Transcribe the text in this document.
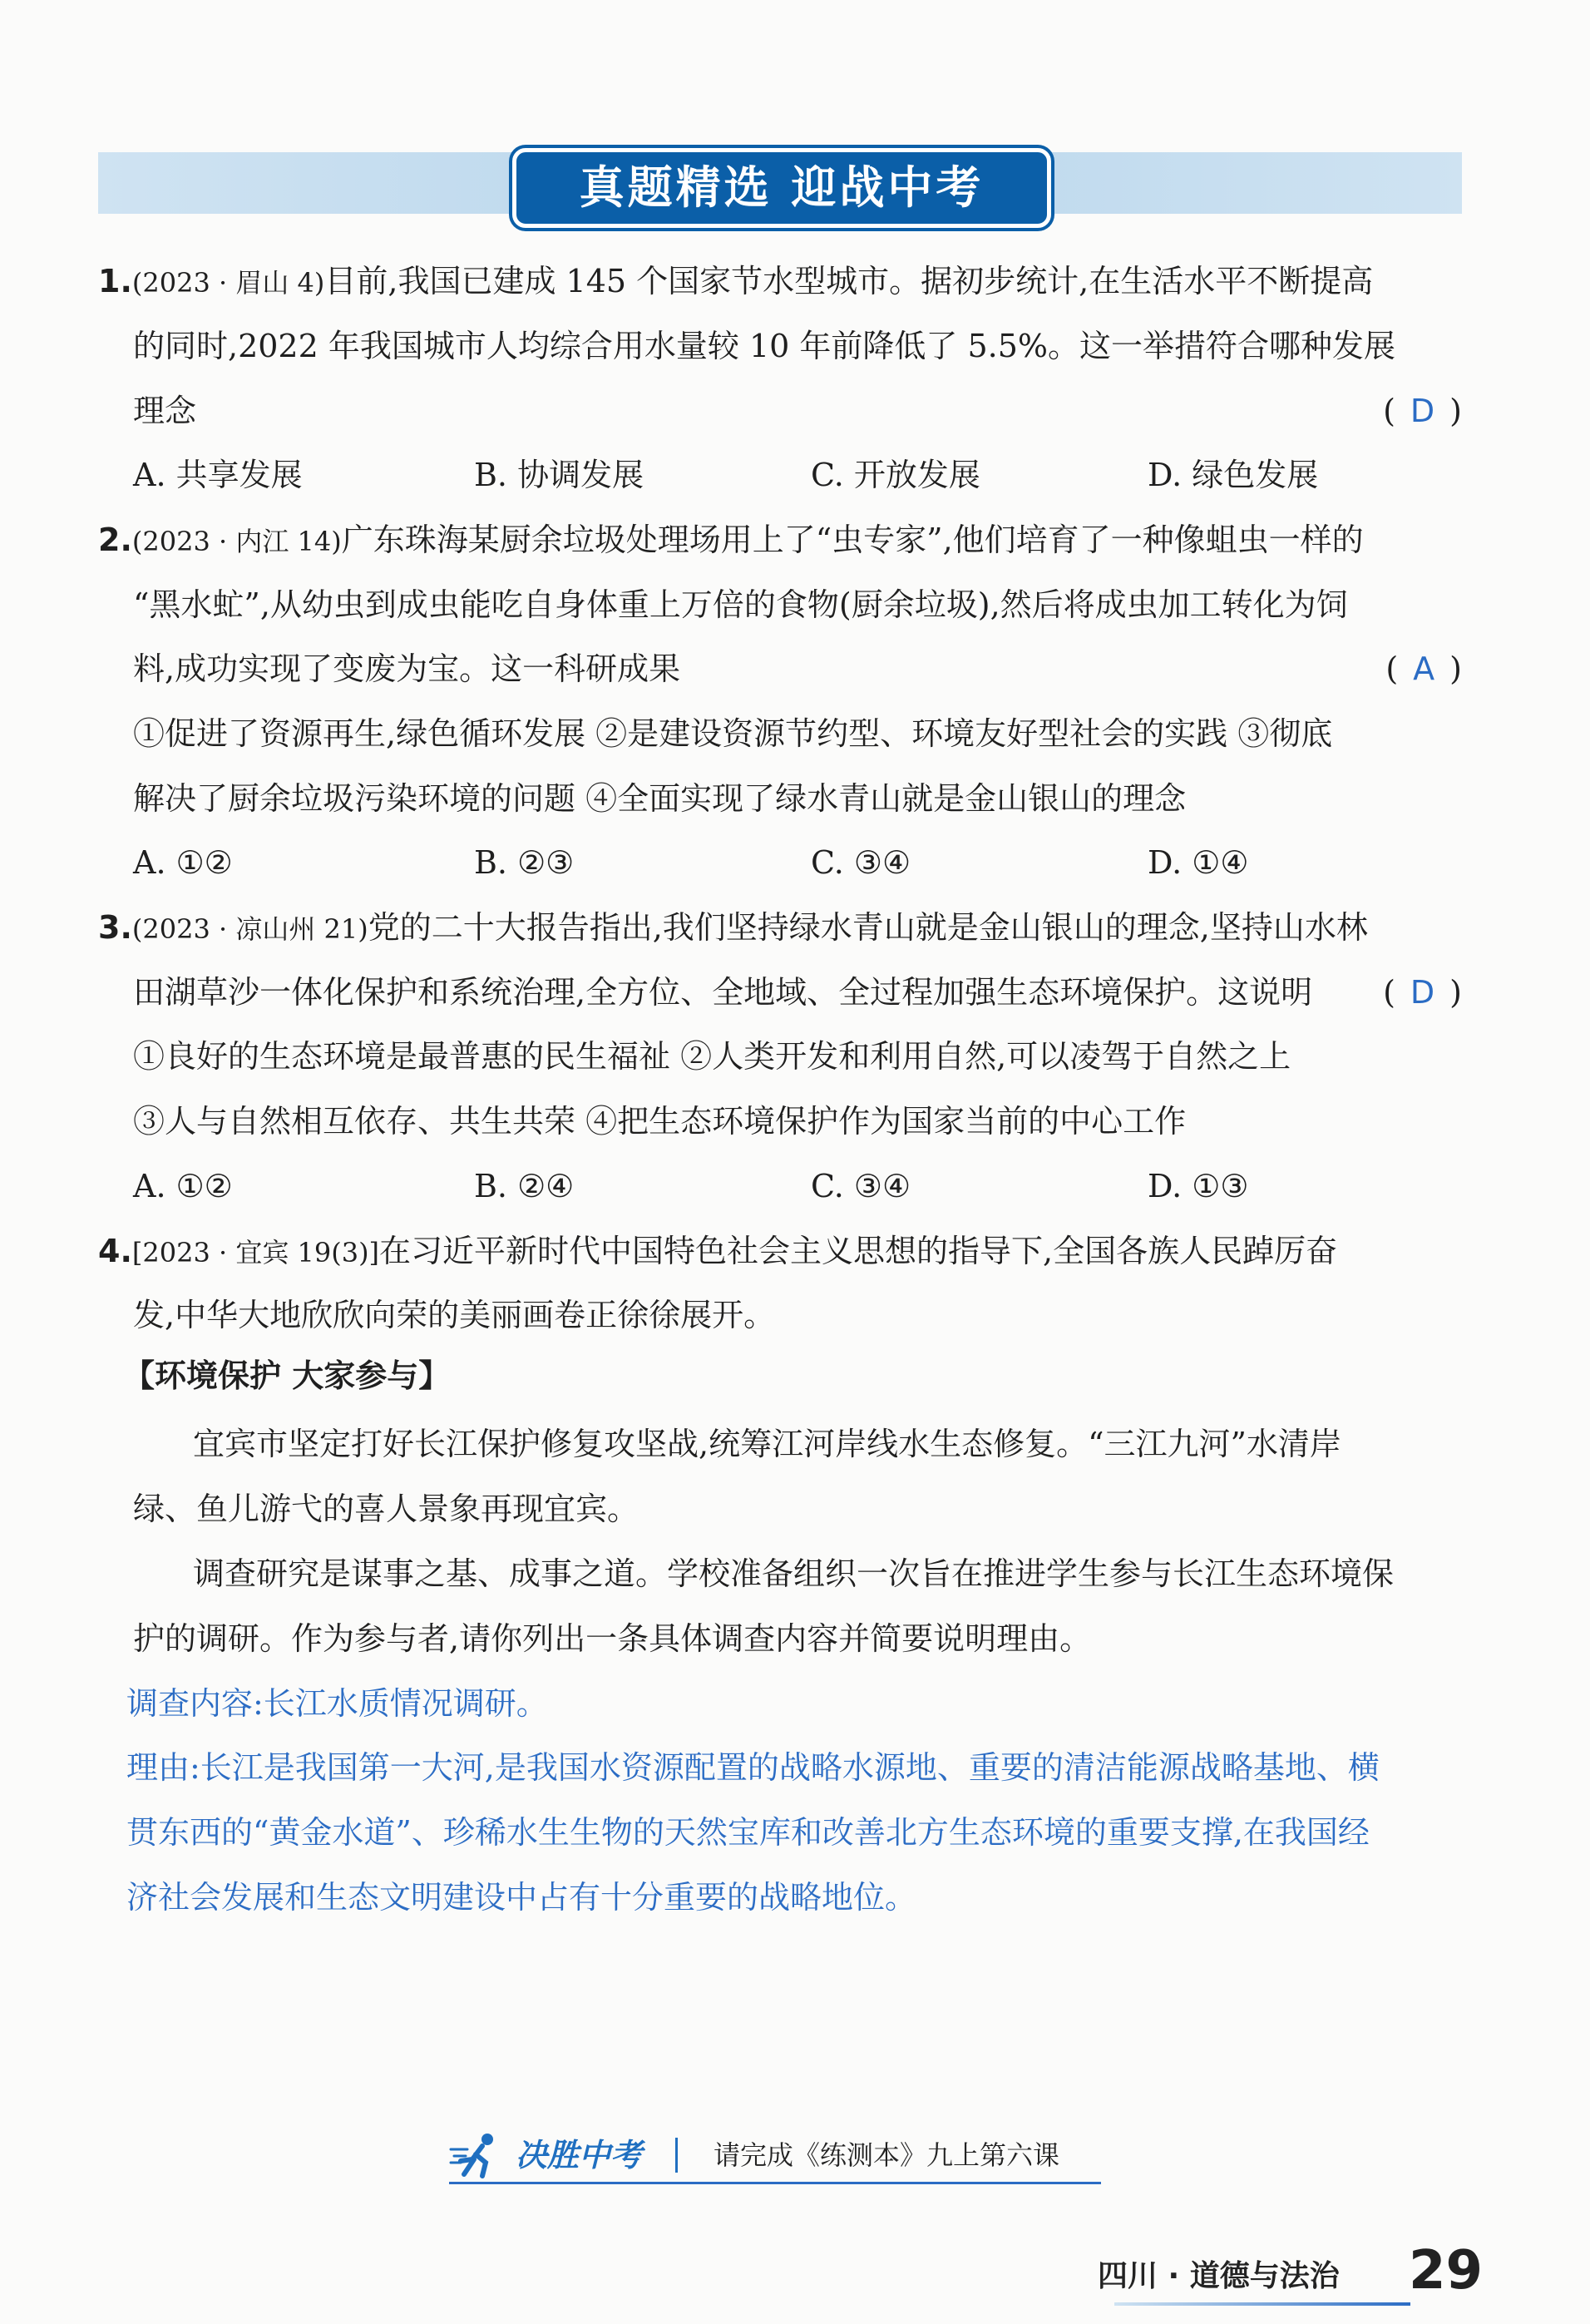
真题精选 迎战中考
1.(2023 · 眉山 4)目前,我国已建成 145 个国家节水型城市。据初步统计,在生活水平不断提高
的同时,2022 年我国城市人均综合用水量较 10 年前降低了 5.5%。这一举措符合哪种发展
理念	( D )
A. 共享发展	B. 协调发展	C. 开放发展	D. 绿色发展
2.(2023 · 内江 14)广东珠海某厨余垃圾处理场用上了“虫专家”,他们培育了一种像蛆虫一样的
“黑水虻”,从幼虫到成虫能吃自身体重上万倍的食物(厨余垃圾),然后将成虫加工转化为饲
料,成功实现了变废为宝。这一科研成果	( A )
①促进了资源再生,绿色循环发展 ②是建设资源节约型、环境友好型社会的实践 ③彻底
解决了厨余垃圾污染环境的问题 ④全面实现了绿水青山就是金山银山的理念
A. ①②	B. ②③	C. ③④	D. ①④
3.(2023 · 凉山州 21)党的二十大报告指出,我们坚持绿水青山就是金山银山的理念,坚持山水林
田湖草沙一体化保护和系统治理,全方位、全地域、全过程加强生态环境保护。这说明 ( D )
①良好的生态环境是最普惠的民生福祉 ②人类开发和利用自然,可以凌驾于自然之上
③人与自然相互依存、共生共荣 ④把生态环境保护作为国家当前的中心工作
A. ①②	B. ②④	C. ③④	D. ①③
4.[2023 · 宜宾 19(3)]在习近平新时代中国特色社会主义思想的指导下,全国各族人民踔厉奋
发,中华大地欣欣向荣的美丽画卷正徐徐展开。
【环境保护 大家参与】
宜宾市坚定打好长江保护修复攻坚战,统筹江河岸线水生态修复。“三江九河”水清岸
绿、鱼儿游弋的喜人景象再现宜宾。
调查研究是谋事之基、成事之道。学校准备组织一次旨在推进学生参与长江生态环境保
护的调研。作为参与者,请你列出一条具体调查内容并简要说明理由。
调查内容:长江水质情况调研。
理由:长江是我国第一大河,是我国水资源配置的战略水源地、重要的清洁能源战略基地、横
贯东西的“黄金水道”、珍稀水生生物的天然宝库和改善北方生态环境的重要支撑,在我国经
济社会发展和生态文明建设中占有十分重要的战略地位。
决胜中考	请完成《练测本》九上第六课
四川 · 道德与法治 29
